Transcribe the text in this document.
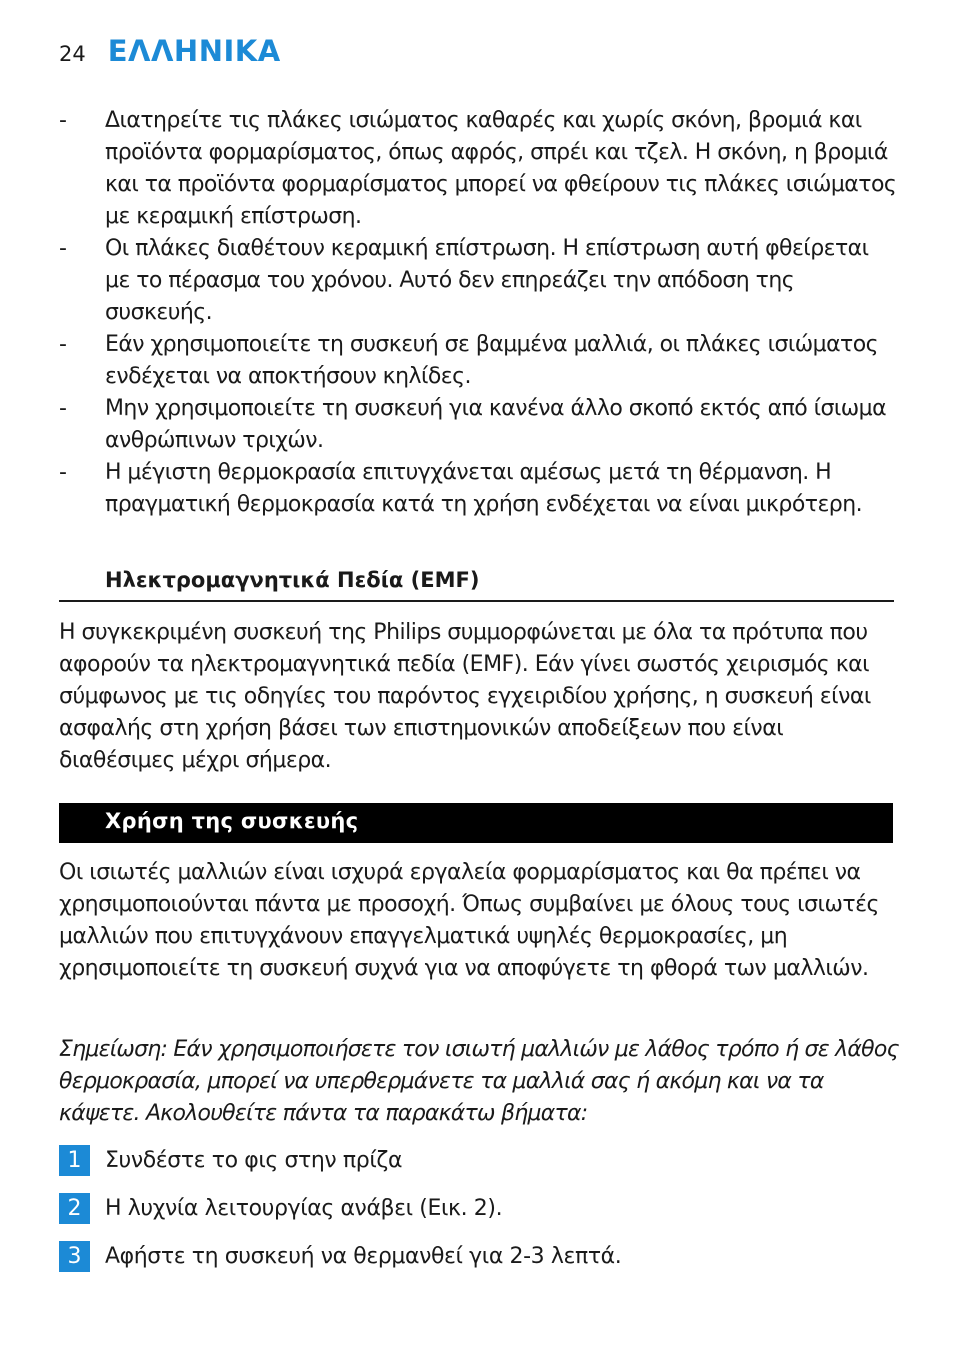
24 ΕΛΛΗΝΙΚΑ
- Διατηρείτε τις πλάκες ισιώματος καθαρές και χωρίς σκόνη, βρομιά και προϊόντα φορμαρίσματος, όπως αφρός, σπρέι και τζελ. Η σκόνη, η βρομιά και τα προϊόντα φορμαρίσματος μπορεί να φθείρουν τις πλάκες ισιώματος με κεραμική επίστρωση.
- Οι πλάκες διαθέτουν κεραμική επίστρωση. Η επίστρωση αυτή φθείρεται με το πέρασμα του χρόνου. Αυτό δεν επηρεάζει την απόδοση της συσκευής.
- Εάν χρησιμοποιείτε τη συσκευή σε βαμμένα μαλλιά, οι πλάκες ισιώματος ενδέχεται να αποκτήσουν κηλίδες.
- Μην χρησιμοποιείτε τη συσκευή για κανένα άλλο σκοπό εκτός από ίσιωμα ανθρώπινων τριχών.
- Η μέγιστη θερμοκρασία επιτυγχάνεται αμέσως μετά τη θέρμανση. Η πραγματική θερμοκρασία κατά τη χρήση ενδέχεται να είναι μικρότερη.
Ηλεκτρομαγνητικά Πεδία (EMF)

Η συγκεκριμένη συσκευή της Philips συμμορφώνεται με όλα τα πρότυπα που αφορούν τα ηλεκτρομαγνητικά πεδία (EMF). Εάν γίνει σωστός χειρισμός και σύμφωνος με τις οδηγίες του παρόντος εγχειριδίου χρήσης, η συσκευή είναι ασφαλής στη χρήση βάσει των επιστημονικών αποδείξεων που είναι διαθέσιμες μέχρι σήμερα.

Χρήση της συσκευής

Οι ισιωτές μαλλιών είναι ισχυρά εργαλεία φορμαρίσματος και θα πρέπει να χρησιμοποιούνται πάντα με προσοχή. Όπως συμβαίνει με όλους τους ισιωτές μαλλιών που επιτυγχάνουν επαγγελματικά υψηλές θερμοκρασίες, μη χρησιμοποιείτε τη συσκευή συχνά για να αποφύγετε τη φθορά των μαλλιών.

Σημείωση: Εάν χρησιμοποιήσετε τον ισιωτή μαλλιών με λάθος τρόπο ή σε λάθος θερμοκρασία, μπορεί να υπερθερμάνετε τα μαλλιά σας ή ακόμη και να τα κάψετε. Ακολουθείτε πάντα τα παρακάτω βήματα:

1	Συνδέστε το φις στην πρίζα
2	Η λυχνία λειτουργίας ανάβει (Εικ. 2).
3	Αφήστε τη συσκευή να θερμανθεί για 2-3 λεπτά.
